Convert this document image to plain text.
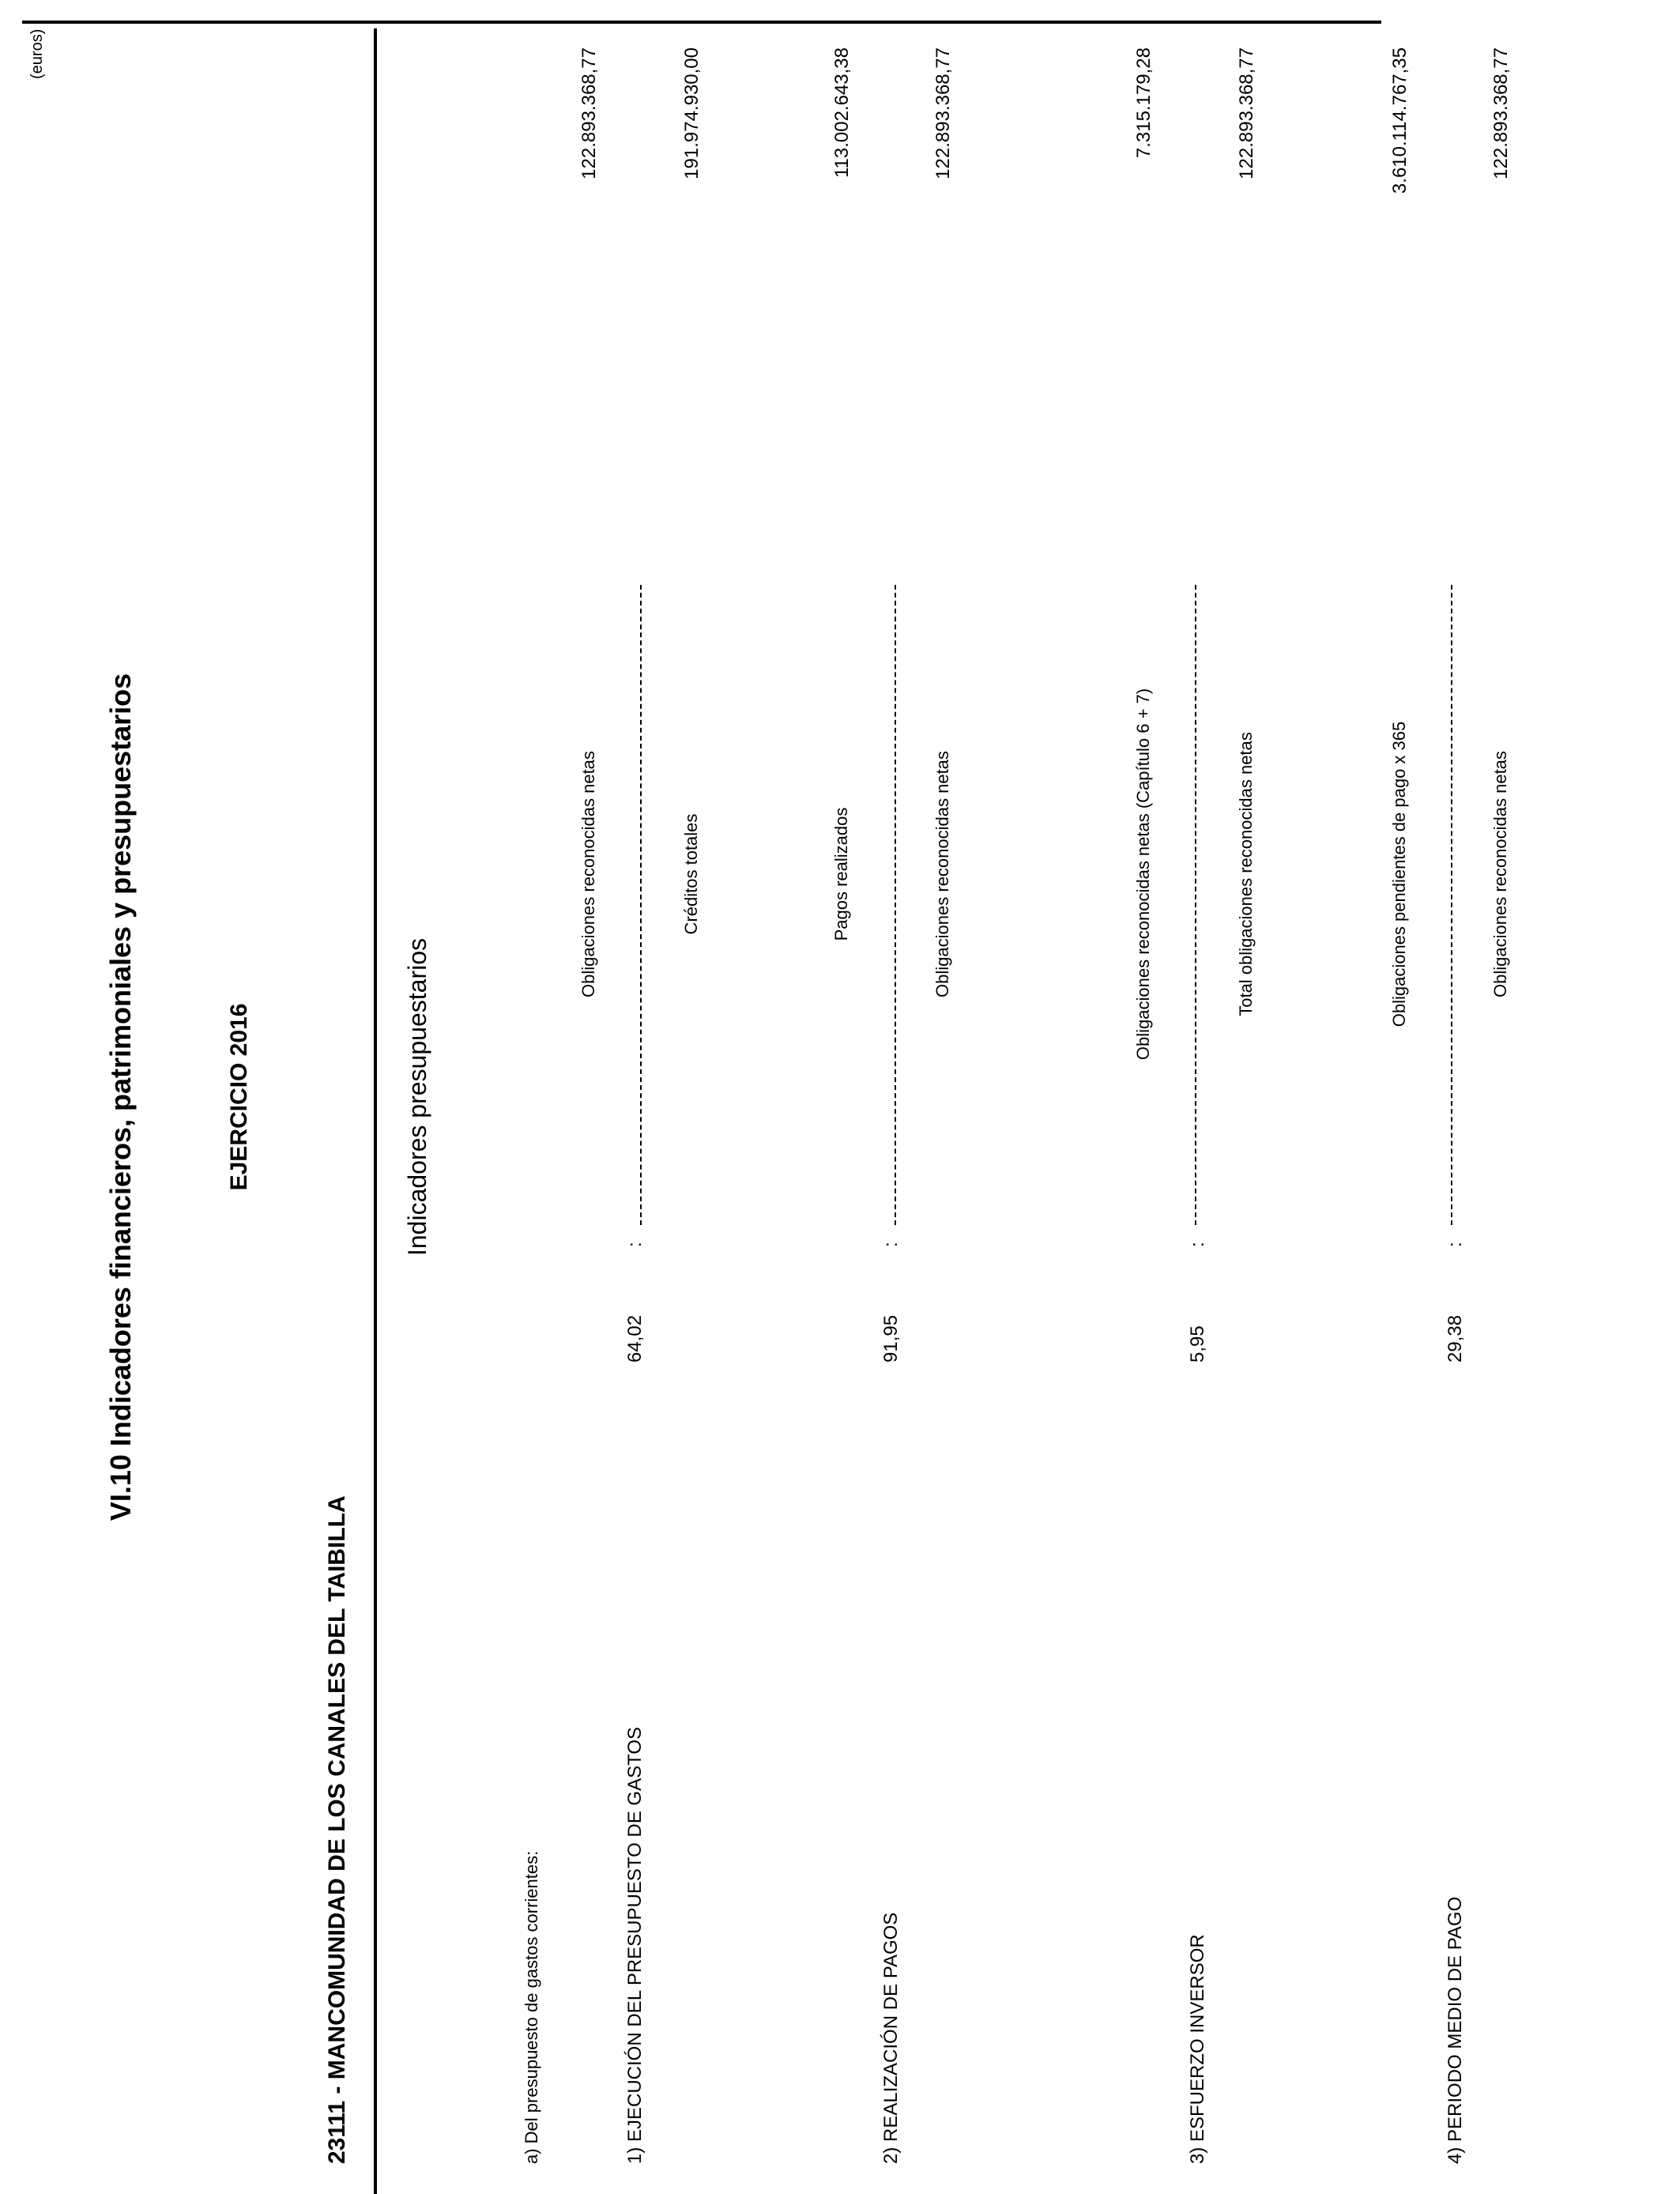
VI.10 Indicadores financieros, patrimoniales y presupuestarios	EJERCICIO 2016
23111 - MANCOMUNIDAD DE LOS CANALES DEL TAIBILLA
(euros)
Indicadores presupuestarios
a) Del presupuesto de gastos corrientes:	1) EJECUCIÓN DEL PRESUPUESTO DE GASTOS
64,02
:
Obligaciones reconocidas netas	Créditos totales
122.893.368,77	191.974.930,00
2) REALIZACIÓN DE PAGOS
91,95
:
Pagos realizados	Obligaciones reconocidas netas
113.002.643,38	122.893.368,77
3) ESFUERZO INVERSOR
5,95
:
Obligaciones reconocidas netas (Capítulo 6 + 7)	Total obligaciones reconocidas netas
7.315.179,28	122.893.368,77
4) PERIODO MEDIO DE PAGO
29,38
:
Obligaciones pendientes de pago x 365	Obligaciones reconocidas netas
3.610.114.767,35	122.893.368,77
